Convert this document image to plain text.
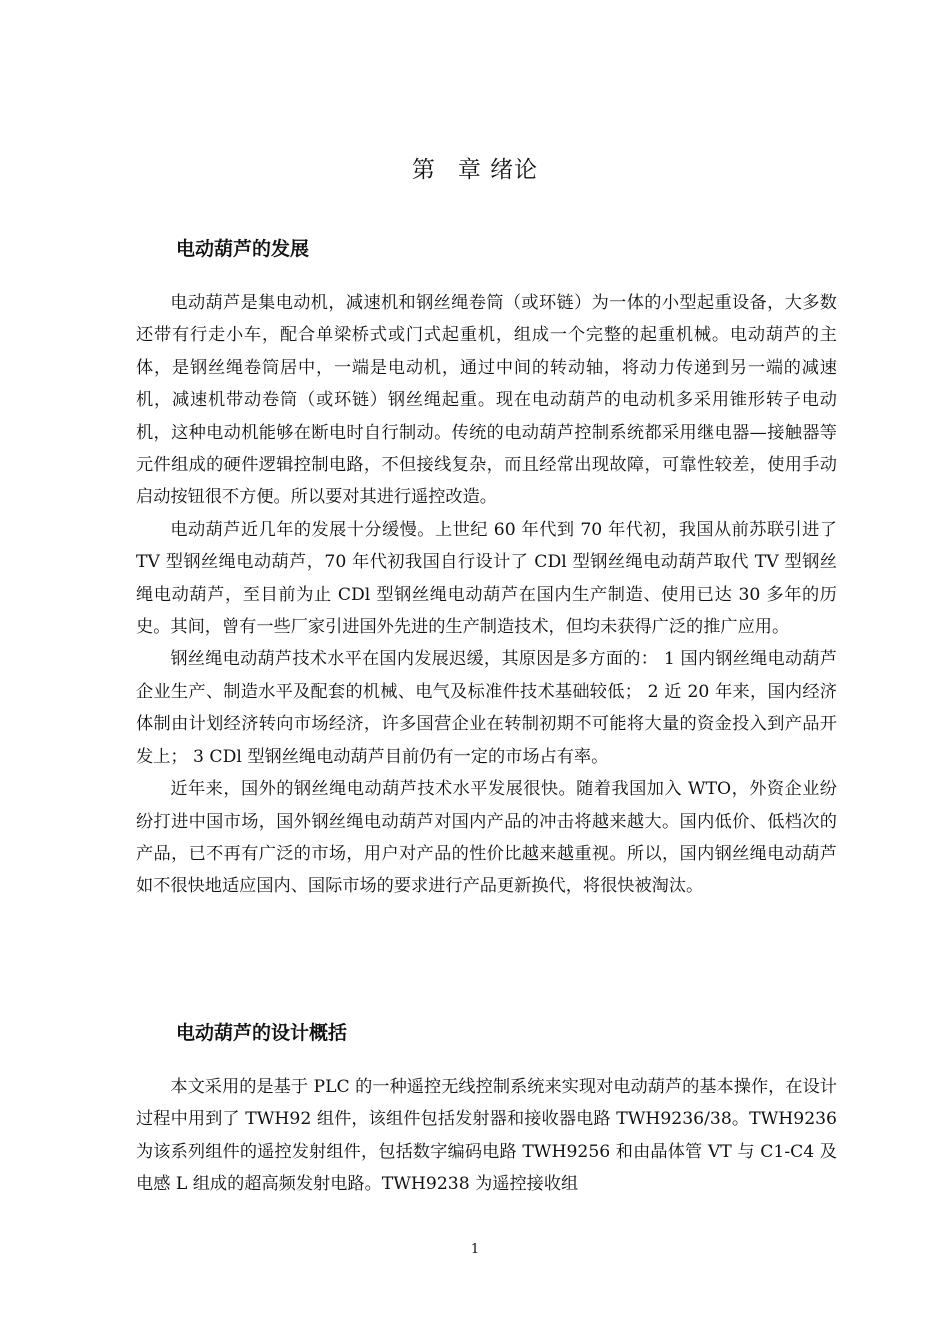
第 章 绪论
电动葫芦的发展

电动葫芦是集电动机，减速机和钢丝绳卷筒（或环链）为一体的小型起重设备，大多数还带有行走小车，配合单梁桥式或门式起重机，组成一个完整的起重机械。电动葫芦的主体，是钢丝绳卷筒居中，一端是电动机，通过中间的转动轴，将动力传递到另一端的减速机，减速机带动卷筒（或环链）钢丝绳起重。现在电动葫芦的电动机多采用锥形转子电动机，这种电动机能够在断电时自行制动。传统的电动葫芦控制系统都采用继电器—接触器等元件组成的硬件逻辑控制电路，不但接线复杂，而且经常出现故障，可靠性较差，使用手动启动按钮很不方便。所以要对其进行遥控改造。

电动葫芦近几年的发展十分缓慢。上世纪 60 年代到 70 年代初，我国从前苏联引进了 TV 型钢丝绳电动葫芦，70 年代初我国自行设计了 CDl 型钢丝绳电动葫芦取代 TV 型钢丝绳电动葫芦，至目前为止 CDl 型钢丝绳电动葫芦在国内生产制造、使用已达 30 多年的历史。其间，曾有一些厂家引进国外先进的生产制造技术，但均未获得广泛的推广应用。

钢丝绳电动葫芦技术水平在国内发展迟缓，其原因是多方面的： 1 国内钢丝绳电动葫芦企业生产、制造水平及配套的机械、电气及标准件技术基础较低； 2 近 20 年来，国内经济体制由计划经济转向市场经济，许多国营企业在转制初期不可能将大量的资金投入到产品开发上； 3 CDl 型钢丝绳电动葫芦目前仍有一定的市场占有率。

近年来，国外的钢丝绳电动葫芦技术水平发展很快。随着我国加入 WTO，外资企业纷纷打进中国市场，国外钢丝绳电动葫芦对国内产品的冲击将越来越大。国内低价、低档次的产品，已不再有广泛的市场，用户对产品的性价比越来越重视。所以，国内钢丝绳电动葫芦如不很快地适应国内、国际市场的要求进行产品更新换代，将很快被淘汰。

电动葫芦的设计概括

本文采用的是基于 PLC 的一种遥控无线控制系统来实现对电动葫芦的基本操作，在设计过程中用到了 TWH92 组件，该组件包括发射器和接收器电路 TWH9236/38。TWH9236 为该系列组件的遥控发射组件，包括数字编码电路 TWH9256 和由晶体管 VT 与 C1-C4 及电感 L 组成的超高频发射电路。TWH9238 为遥控接收组

1
